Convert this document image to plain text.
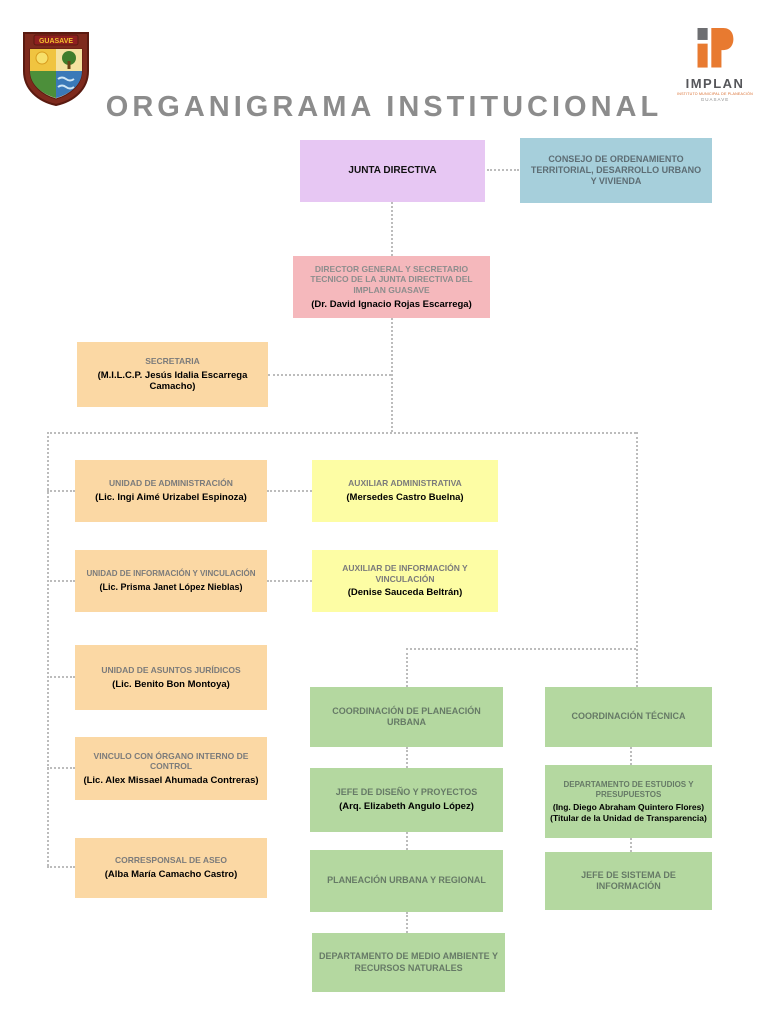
GUASAVE
IMPLAN
INSTITUTO MUNICIPAL DE PLANEACIÓN
GUASAVE
ORGANIGRAMA INSTITUCIONAL
JUNTA DIRECTIVA
CONSEJO DE ORDENAMIENTO TERRITORIAL, DESARROLLO URBANO Y VIVIENDA
DIRECTOR GENERAL Y SECRETARIO TECNICO DE LA JUNTA DIRECTIVA DEL IMPLAN GUASAVE
(Dr. David Ignacio Rojas Escarrega)
SECRETARIA
(M.I.L.C.P. Jesús Idalia Escarrega Camacho)
UNIDAD DE ADMINISTRACIÓN
(Lic. Ingi Aimé Urizabel Espinoza)
AUXILIAR ADMINISTRATIVA
(Mersedes Castro Buelna)
UNIDAD DE INFORMACIÓN Y VINCULACIÓN
(Lic. Prisma Janet López Nieblas)
AUXILIAR DE INFORMACIÓN Y VINCULACIÓN
(Denise Sauceda Beltrán)
UNIDAD DE ASUNTOS JURÍDICOS
(Lic. Benito Bon Montoya)
VINCULO CON ÓRGANO INTERNO DE CONTROL
(Lic. Alex Missael Ahumada Contreras)
CORRESPONSAL DE ASEO
(Alba María Camacho Castro)
COORDINACIÓN DE PLANEACIÓN URBANA
COORDINACIÓN TÉCNICA
JEFE DE DISEÑO Y PROYECTOS
(Arq. Elizabeth Angulo López)
DEPARTAMENTO DE ESTUDIOS Y PRESUPUESTOS
(Ing. Diego Abraham Quintero Flores)
(Titular de la Unidad de Transparencia)
PLANEACIÓN URBANA Y REGIONAL
JEFE DE SISTEMA DE INFORMACIÓN
DEPARTAMENTO DE MEDIO AMBIENTE Y RECURSOS NATURALES
